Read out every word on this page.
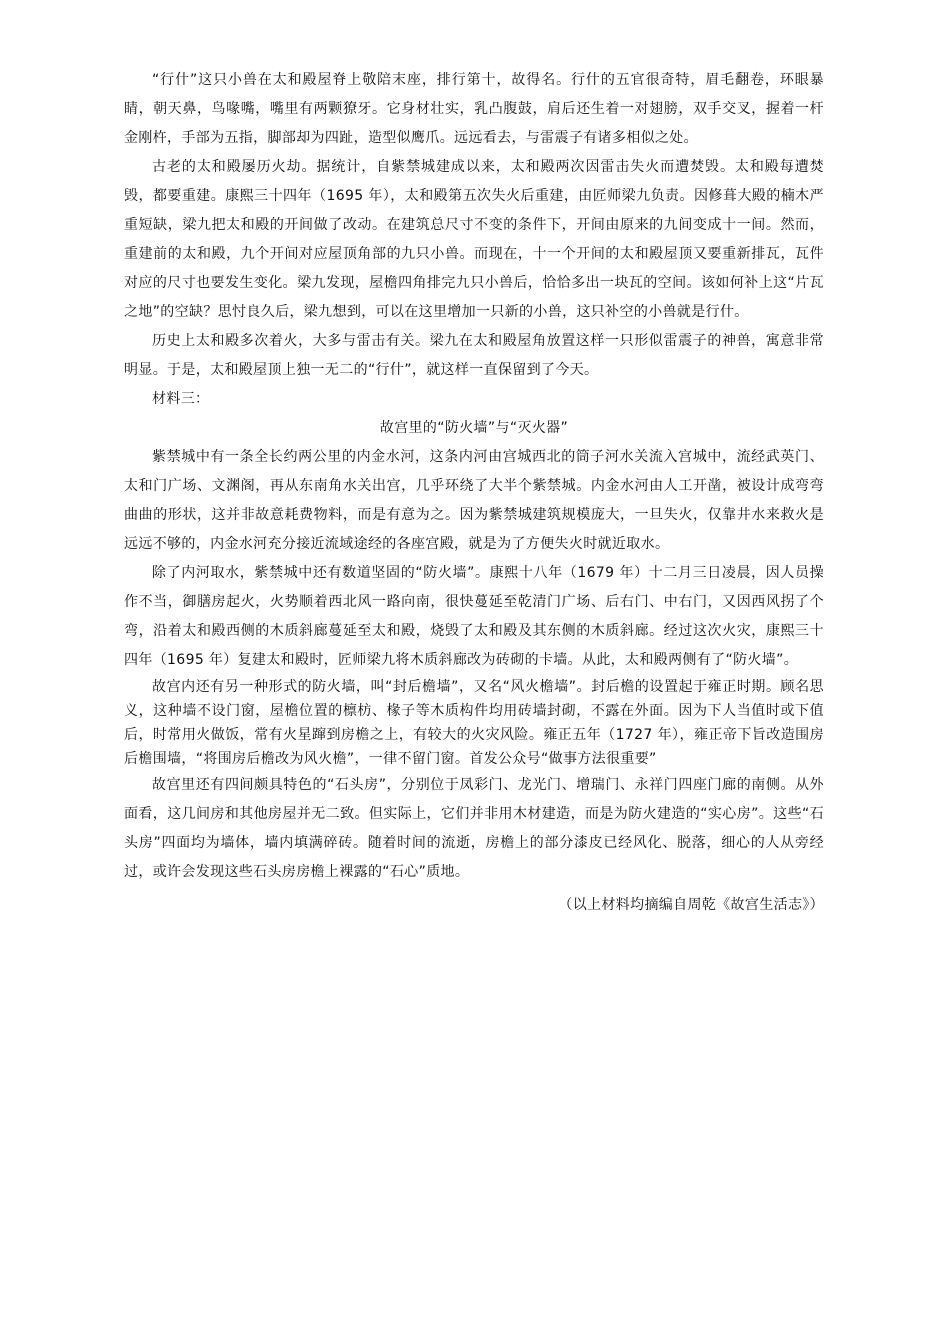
“行什”这只小兽在太和殿屋脊上敬陪末座，排行第十，故得名。行什的五官很奇特，眉毛翻卷，环眼暴睛，朝天鼻，鸟喙嘴，嘴里有两颗獠牙。它身材壮实，乳凸腹鼓，肩后还生着一对翅膀，双手交叉，握着一杆金刚杵，手部为五指，脚部却为四趾，造型似鹰爪。远远看去，与雷震子有诸多相似之处。

古老的太和殿屡历火劫。据统计，自紫禁城建成以来，太和殿两次因雷击失火而遭焚毁。太和殿每遭焚毁，都要重建。康熙三十四年（1695 年），太和殿第五次失火后重建，由匠师梁九负责。因修葺大殿的楠木严重短缺，梁九把太和殿的开间做了改动。在建筑总尺寸不变的条件下，开间由原来的九间变成十一间。然而，重建前的太和殿，九个开间对应屋顶角部的九只小兽。而现在，十一个开间的太和殿屋顶又要重新排瓦，瓦件对应的尺寸也要发生变化。梁九发现，屋檐四角排完九只小兽后，恰恰多出一块瓦的空间。该如何补上这“片瓦之地”的空缺？思忖良久后，梁九想到，可以在这里增加一只新的小兽，这只补空的小兽就是行什。

历史上太和殿多次着火，大多与雷击有关。梁九在太和殿屋角放置这样一只形似雷震子的神兽，寓意非常明显。于是，太和殿屋顶上独一无二的“行什”，就这样一直保留到了今天。

材料三：

故宫里的“防火墙”与“灭火器”

紫禁城中有一条全长约两公里的内金水河，这条内河由宫城西北的筒子河水关流入宫城中，流经武英门、太和门广场、文渊阁，再从东南角水关出宫，几乎环绕了大半个紫禁城。内金水河由人工开凿，被设计成弯弯曲曲的形状，这并非故意耗费物料，而是有意为之。因为紫禁城建筑规模庞大，一旦失火，仅靠井水来救火是远远不够的，内金水河充分接近流域途经的各座宫殿，就是为了方便失火时就近取水。

除了内河取水，紫禁城中还有数道坚固的“防火墙”。康熙十八年（1679 年）十二月三日凌晨，因人员操作不当，御膳房起火，火势顺着西北风一路向南，很快蔓延至乾清门广场、后右门、中右门，又因西风拐了个弯，沿着太和殿西侧的木质斜廊蔓延至太和殿，烧毁了太和殿及其东侧的木质斜廊。经过这次火灾，康熙三十四年（1695 年）复建太和殿时，匠师梁九将木质斜廊改为砖砌的卡墙。从此，太和殿两侧有了“防火墙”。

故宫内还有另一种形式的防火墙，叫“封后檐墙”，又名“风火檐墙”。封后檐的设置起于雍正时期。顾名思义，这种墙不设门窗，屋檐位置的檩枋、椽子等木质构件均用砖墙封砌，不露在外面。因为下人当值时或下值后，时常用火做饭，常有火星蹿到房檐之上，有较大的火灾风险。雍正五年（1727 年），雍正帝下旨改造围房后檐围墙，“将围房后檐改为风火檐”，一律不留门窗。首发公众号“做事方法很重要”

故宫里还有四间颇具特色的“石头房”，分别位于凤彩门、龙光门、增瑞门、永祥门四座门廊的南侧。从外面看，这几间房和其他房屋并无二致。但实际上，它们并非用木材建造，而是为防火建造的“实心房”。这些“石头房”四面均为墙体，墙内填满碎砖。随着时间的流逝，房檐上的部分漆皮已经风化、脱落，细心的人从旁经过，或许会发现这些石头房房檐上裸露的“石心”质地。

（以上材料均摘编自周乾《故宫生活志》）
